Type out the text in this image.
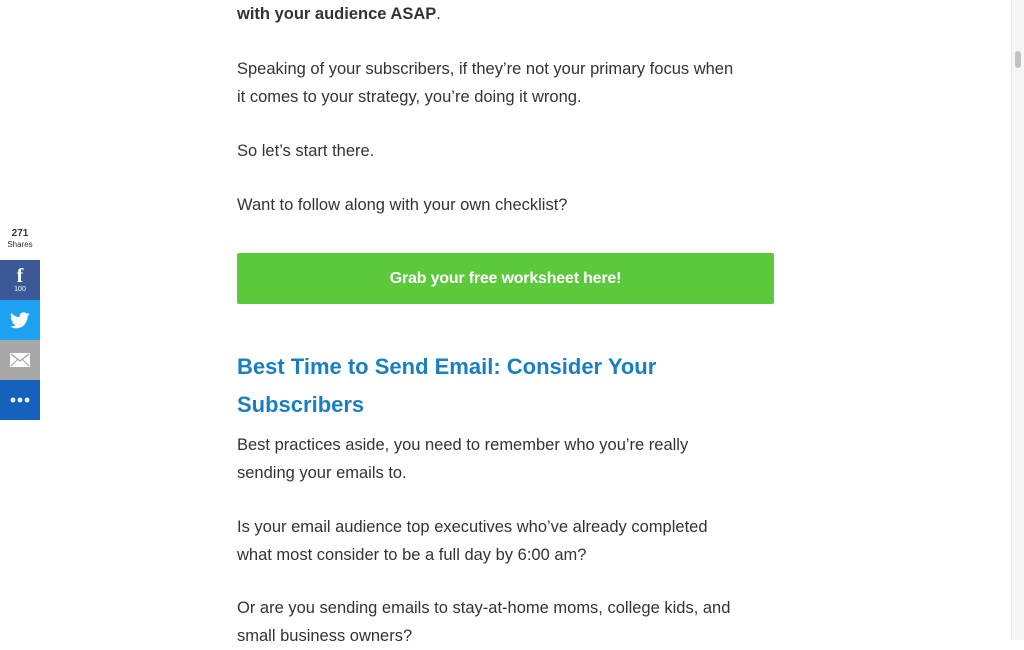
with your audience ASAP.

Speaking of your subscribers, if they’re not your primary focus when
it comes to your strategy, you’re doing it wrong.

So let’s start there.

Want to follow along with your own checklist?

Grab your free worksheet here!
Best Time to Send Email: Consider Your
Subscribers

Best practices aside, you need to remember who you’re really
sending your emails to.

Is your email audience top executives who’ve already completed
what most consider to be a full day by 6:00 am?

Or are you sending emails to stay-at-home moms, college kids, and
small business owners?

271
Shares
f
100
